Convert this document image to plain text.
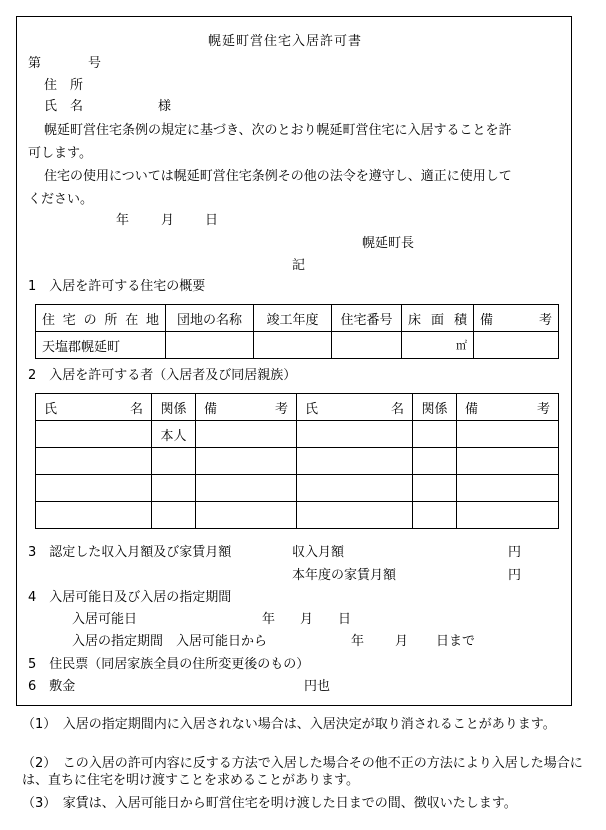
幌延町営住宅入居許可書
第	号
住　所
氏　名	様
幌延町営住宅条例の規定に基づき、次のとおり幌延町営住宅に入居することを許
可します。
住宅の使用については幌延町営住宅条例その他の法令を遵守し、適正に使用して
ください。
年 月 日
幌延町長
記
1　入居を許可する住宅の概要
住宅の所在地	団地の名称	竣工年度	住宅番号	床面積	備　考
天塩郡幌延町				㎡	
2　入居を許可する者（入居者及び同居親族）
氏名	関係	備考	氏名	関係	備考
	本人				

3　認定した収入月額及び家賃月額	収入月額	円
本年度の家賃月額	円
4　入居可能日及び入居の指定期間
入居可能日	年 月 日
入居の指定期間　入居可能日から	年 月 日まで
5　住民票（同居家族全員の住所変更後のもの）
6　敷金	円也
（1）　入居の指定期間内に入居されない場合は、入居決定が取り消されることがあります。
（2）　この入居の許可内容に反する方法で入居した場合その他不正の方法により入居した場合には、直ちに住宅を明け渡すことを求めることがあります。
（3）　家賃は、入居可能日から町営住宅を明け渡した日までの間、徴収いたします。
